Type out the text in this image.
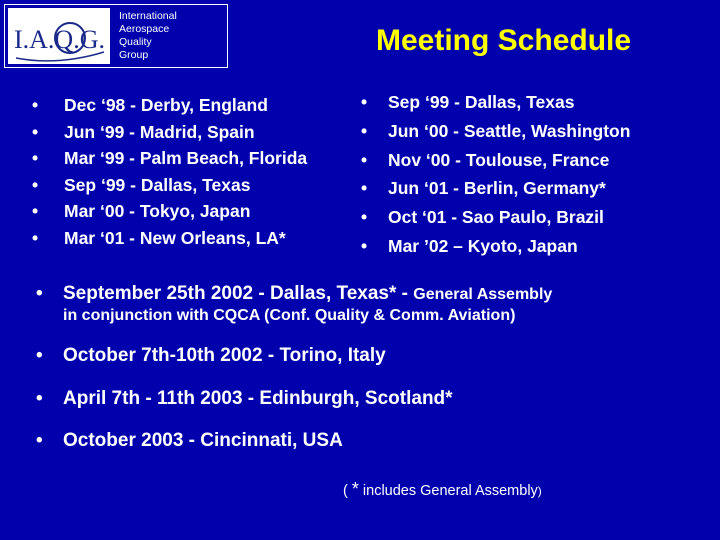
I.A.Q.G.
International
Aerospace
Quality
Group	Meeting Schedule
• Dec ‘98 - Derby, England
• Jun ‘99 - Madrid, Spain
• Mar ‘99 - Palm Beach, Florida
• Sep ‘99 - Dallas, Texas
• Mar ‘00 - Tokyo, Japan
• Mar ‘01 - New Orleans, LA*
• Sep ‘99 - Dallas, Texas
• Jun ‘00 - Seattle, Washington
• Nov ‘00 - Toulouse, France
• Jun ‘01 - Berlin, Germany*
• Oct ‘01 - Sao Paulo, Brazil
• Mar ’02 – Kyoto, Japan
• September 25th 2002 - Dallas, Texas* - General Assembly
in conjunction with CQCA (Conf. Quality & Comm. Aviation)
• October 7th-10th 2002 - Torino, Italy
• April 7th - 11th 2003 - Edinburgh, Scotland*
• October 2003 - Cincinnati, USA
( * includes General Assembly)
